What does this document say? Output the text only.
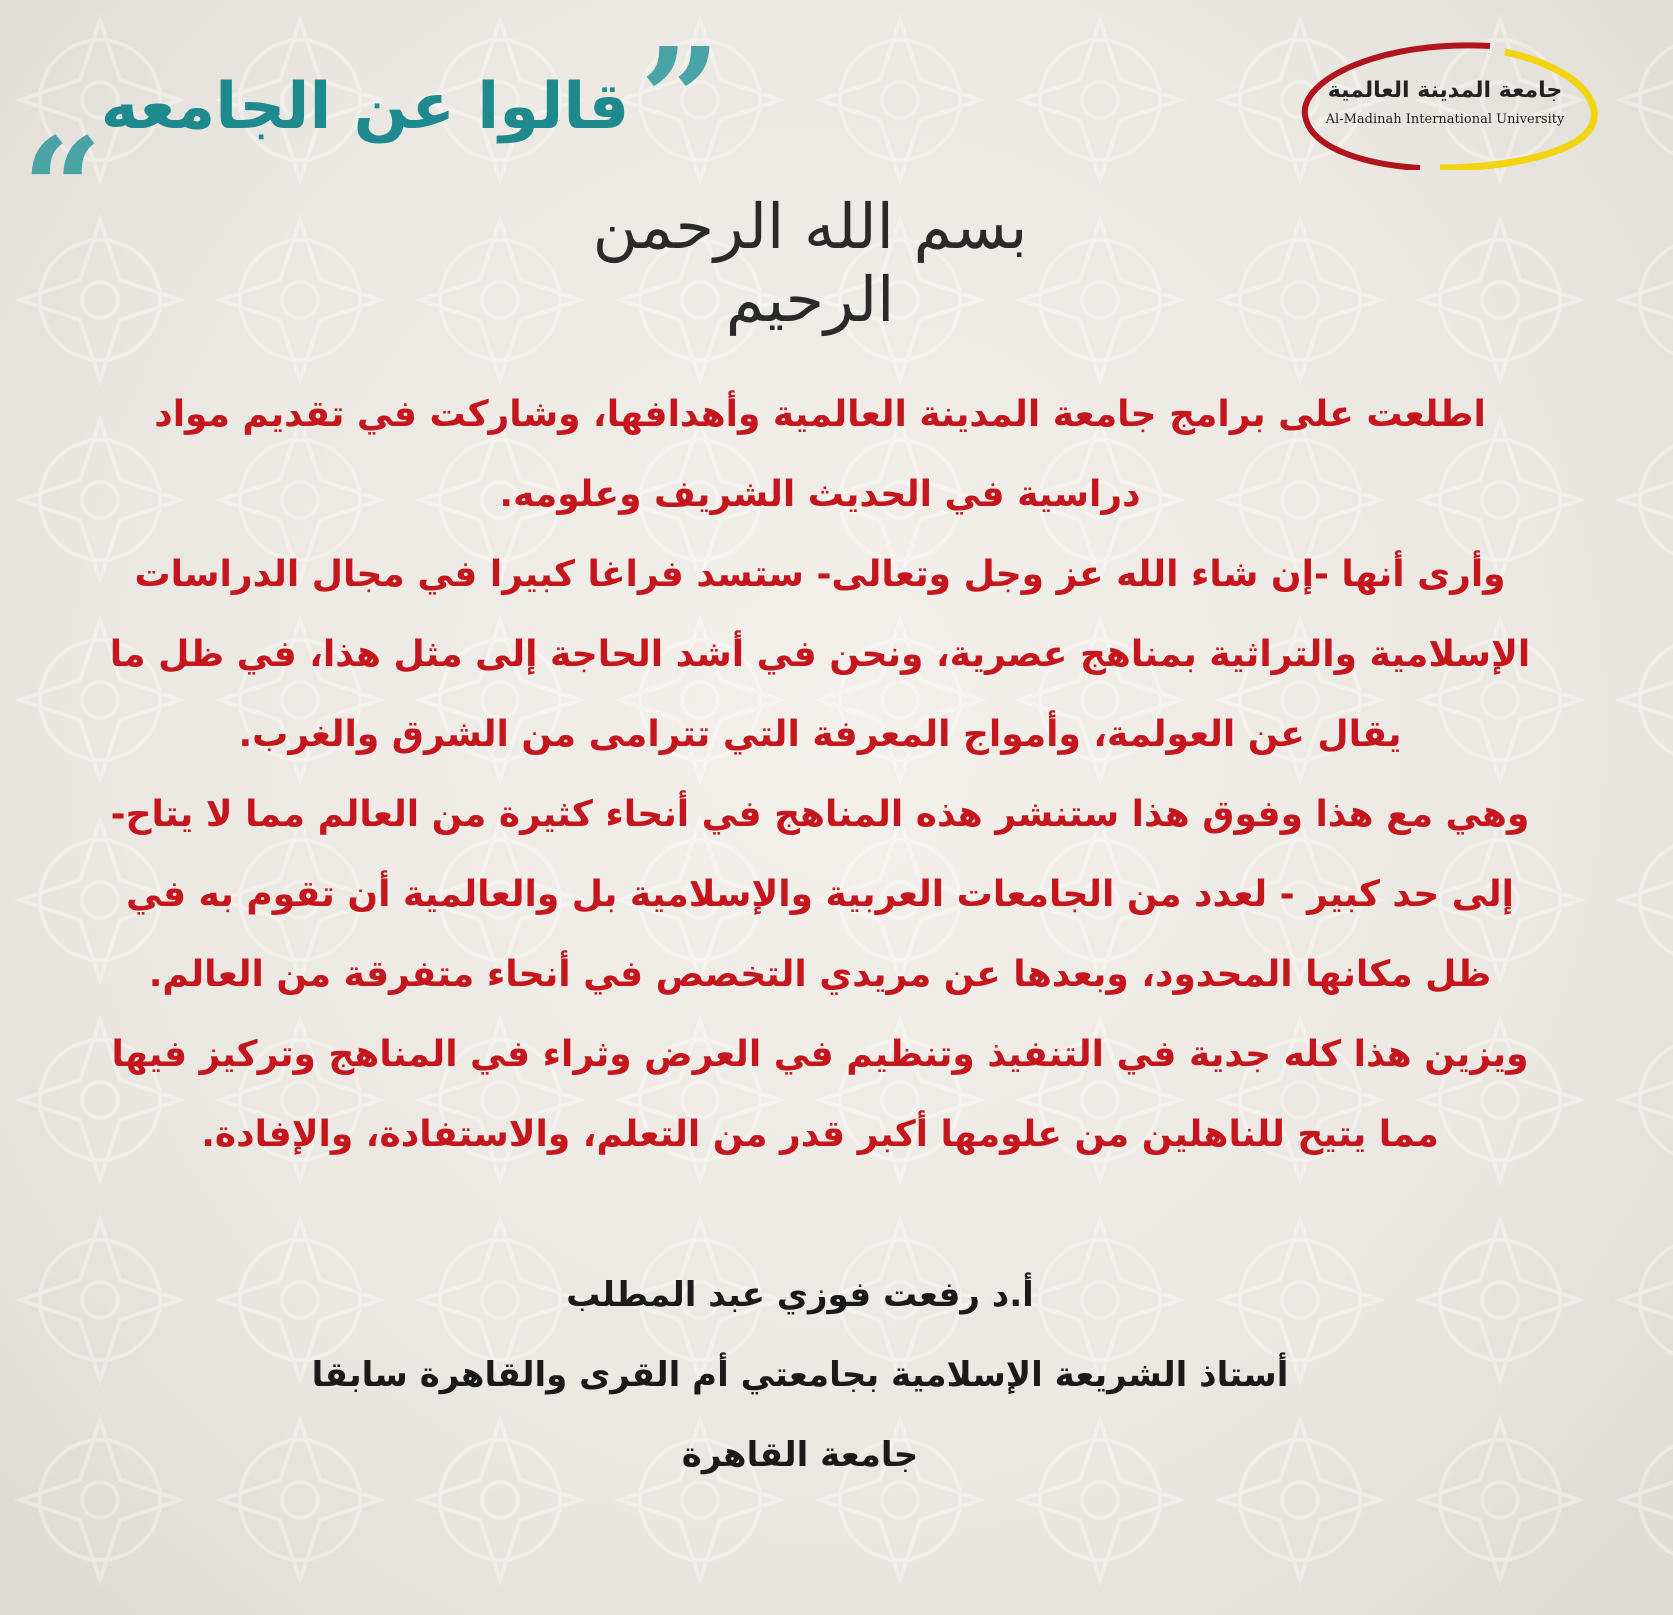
“
”
قالوا عن الجامعه	جامعة المدينة العالمية
Al-Madinah International University
بسم الله الرحمن الرحيم

اطلعت على برامج جامعة المدينة العالمية وأهدافها، وشاركت في تقديم مواد دراسية في الحديث الشريف وعلومه.

وأرى أنها -إن شاء الله عز وجل وتعالى- ستسد فراغا كبيرا في مجال الدراسات الإسلامية والتراثية بمناهج عصرية، ونحن في أشد الحاجة إلى مثل هذا، في ظل ما يقال عن العولمة، وأمواج المعرفة التي تترامى من الشرق والغرب.

وهي مع هذا وفوق هذا ستنشر هذه المناهج في أنحاء كثيرة من العالم مما لا يتاح- إلى حد كبير - لعدد من الجامعات العربية والإسلامية بل والعالمية أن تقوم به في ظل مكانها المحدود، وبعدها عن مريدي التخصص في أنحاء متفرقة من العالم.

ويزين هذا كله جدية في التنفيذ وتنظيم في العرض وثراء في المناهج وتركيز فيها مما يتيح للناهلين من علومها أكبر قدر من التعلم، والاستفادة، والإفادة.

أ.د رفعت فوزي عبد المطلب

أستاذ الشريعة الإسلامية بجامعتي أم القرى والقاهرة سابقا

جامعة القاهرة
